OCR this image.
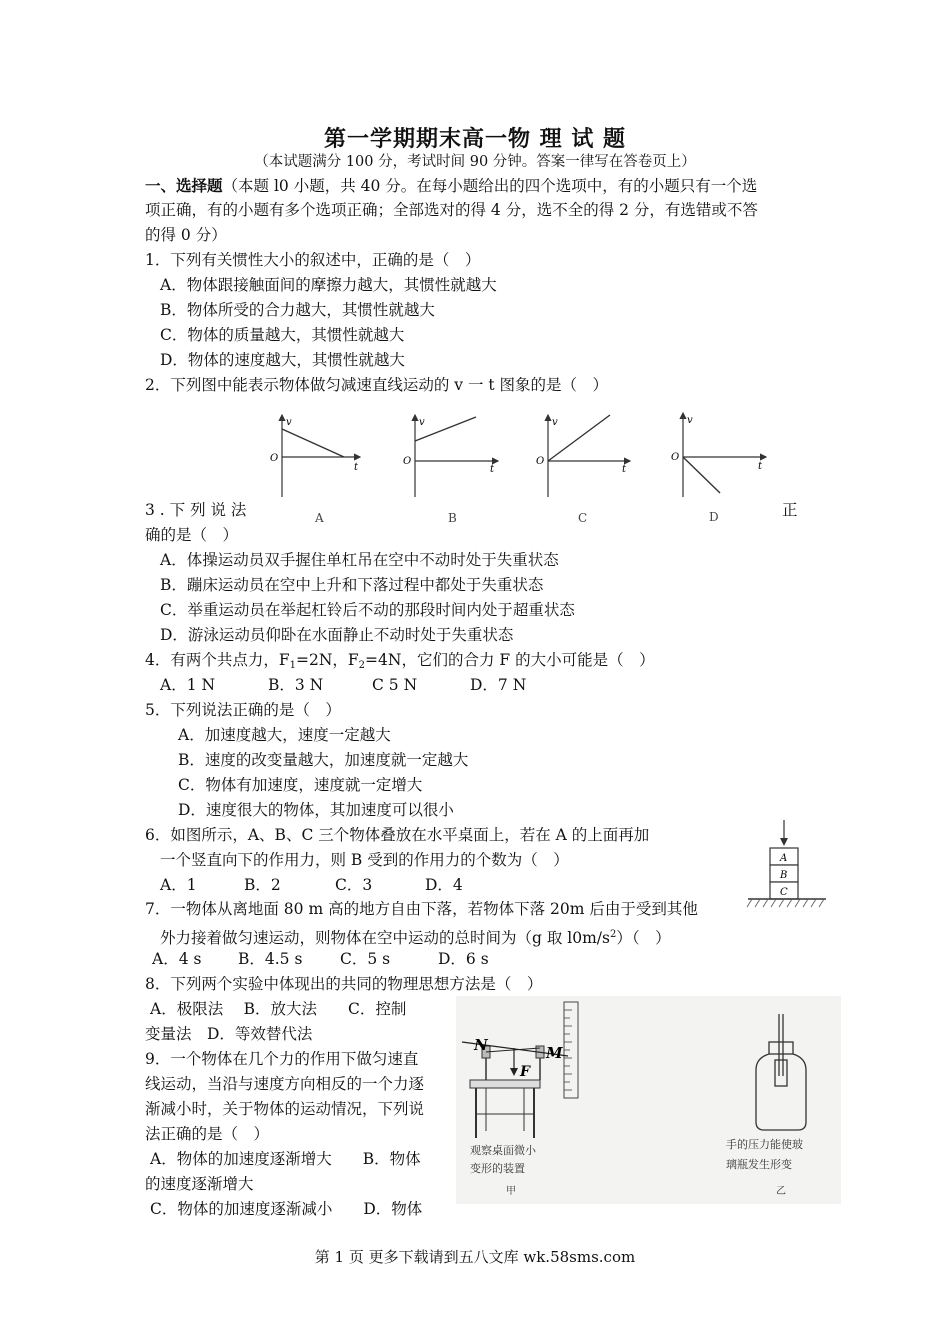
第一学期期末高一物 理 试 题
（本试题满分 100 分，考试时间 90 分钟。答案一律写在答卷页上）
一、选择题（本题 l0 小题，共 40 分。在每小题给出的四个选项中，有的小题只有一个选
项正确，有的小题有多个选项正确；全部选对的得 4 分，选不全的得 2 分，有选错或不答
的得 0 分）
1．下列有关惯性大小的叙述中，正确的是（　）
A．物体跟接触面间的摩擦力越大，其惯性就越大
B．物体所受的合力越大，其惯性就越大
C．物体的质量越大，其惯性就越大
D．物体的速度越大，其惯性就越大
2．下列图中能表示物体做匀减速直线运动的 v 一 t 图象的是（　）
v
O
t
A
v
O
t
B
v
O
t
C
v
O
t
D
3 . 下 列 说 法	正
确的是（　）
A．体操运动员双手握住单杠吊在空中不动时处于失重状态
B．蹦床运动员在空中上升和下落过程中都处于失重状态
C．举重运动员在举起杠铃后不动的那段时间内处于超重状态
D．游泳运动员仰卧在水面静止不动时处于失重状态
4．有两个共点力，$F_1=2N$，$F_2=4N$，它们的合力 F 的大小可能是（　）
A．1 N	B．3 N	C 5 N	D．7 N
5．下列说法正确的是（　）
A．加速度越大，速度一定越大
B．速度的改变量越大，加速度就一定越大
C．物体有加速度，速度就一定增大
D．速度很大的物体，其加速度可以很小
6．如图所示，A、B、C 三个物体叠放在水平桌面上，若在 A 的上面再加
一个竖直向下的作用力，则 B 受到的作用力的个数为（　）
A．1	B．2	C．3	D．4
A
B
C
7．一物体从离地面 80 m 高的地方自由下落，若物体下落 20m 后由于受到其他
外力接着做匀速运动，则物体在空中运动的总时间为（g 取 $l0m/s^2$）（　）
A．4 s B．4.5 s C．5 s	D．6 s
8．下列两个实验中体现出的共同的物理思想方法是（　）
A．极限法　 B．放大法　　C．控制
变量法　D．等效替代法
N	M
F
观察桌面微小
变形的装置
甲
手的压力能使玻
璃瓶发生形变
乙
9．一个物体在几个力的作用下做匀速直
线运动，当沿与速度方向相反的一个力逐
渐减小时，关于物体的运动情况，下列说
法正确的是（　）
A．物体的加速度逐渐增大　　B．物体
的速度逐渐增大
C．物体的加速度逐渐减小　　D．物体
第 1 页 更多下载请到五八文库 wk.58sms.com
